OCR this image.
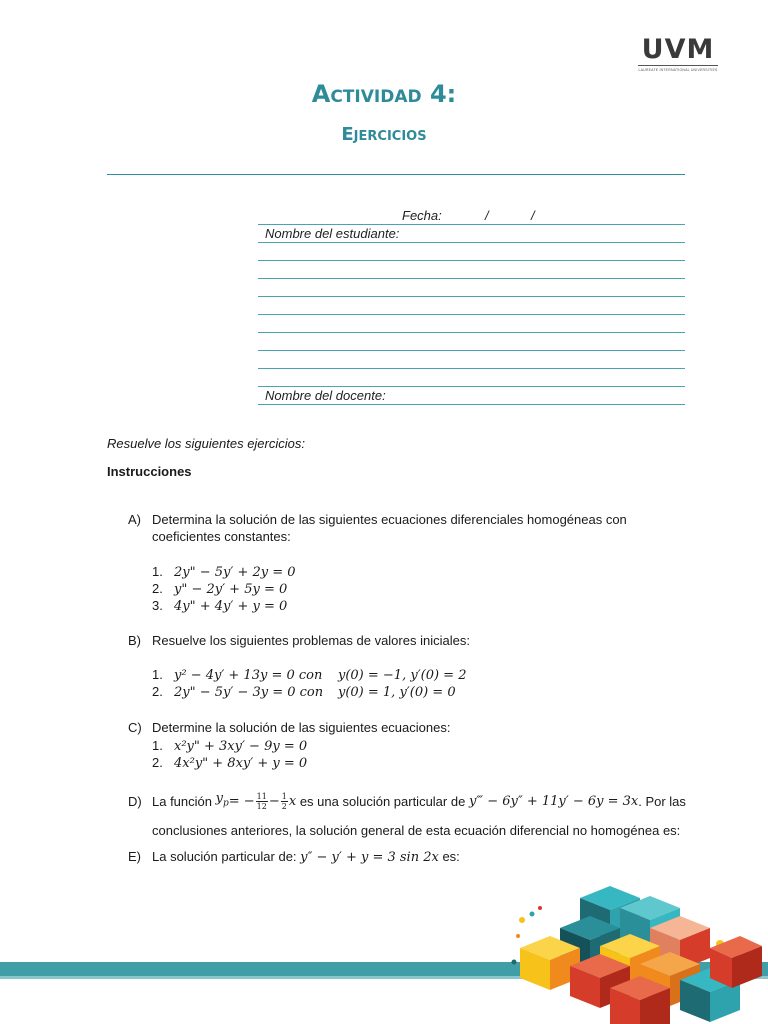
UVM
LAUREATE INTERNATIONAL UNIVERSITIES
Actividad 4:
Ejercicios
Fecha:	/	/
Nombre del estudiante:
Nombre del docente:
Resuelve los siguientes ejercicios:
Instrucciones
A) Determina la solución de las siguientes ecuaciones diferenciales homogéneas con coeficientes constantes:
1. 2y" − 5y′ + 2y = 0
2. y" − 2y′ + 5y = 0
3. 4y" + 4y′ + y = 0
B) Resuelve los siguientes problemas de valores iniciales:
1. y² − 4y′ + 13y = 0 con y(0) = −1, y′(0) = 2
2. 2y" − 5y′ − 3y = 0 con y(0) = 1, y′(0) = 0
C) Determine la solución de las siguientes ecuaciones:
1. x²y" + 3xy′ − 9y = 0
2. 4x²y" + 8xy′ + y = 0
D) La función
$y_p$ = − $\frac{11}{12} - \frac{1}{2}$ x
es una solución particular de
y‴ − 6y″ + 11y′ − 6y = 3x . Por las
conclusiones anteriores, la solución general de esta ecuación diferencial no homogénea es:
E) La solución particular de: y″ − y′ + y = 3 sin 2x es:
